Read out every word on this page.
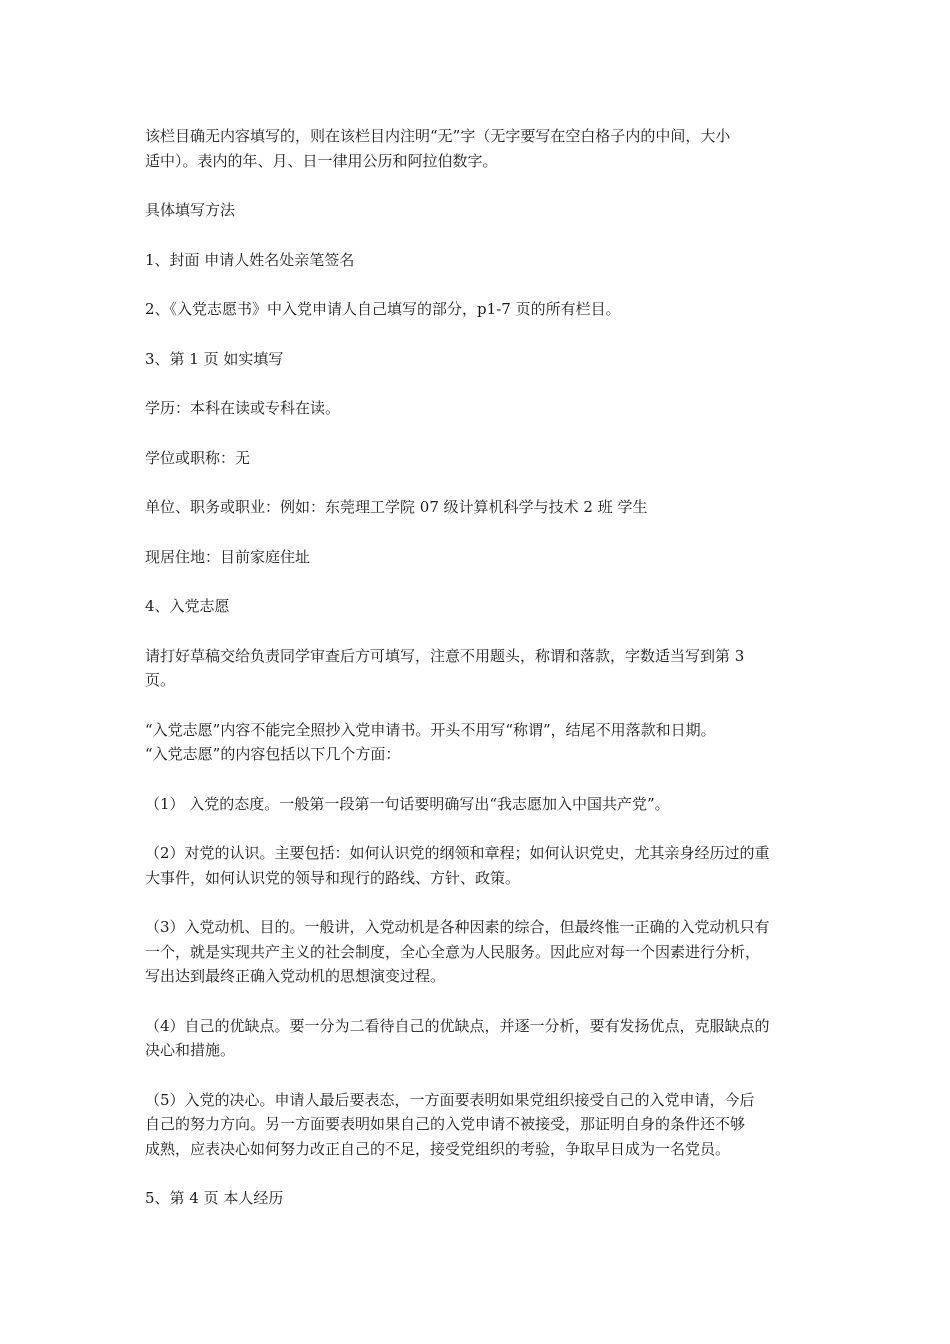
该栏目确无内容填写的，则在该栏目内注明“无”字（无字要写在空白格子内的中间，大小
适中）。表内的年、月、日一律用公历和阿拉伯数字。

具体填写方法

1、封面 申请人姓名处亲笔签名

2、《入党志愿书》中入党申请人自己填写的部分，p1-7 页的所有栏目。

3、第 1 页 如实填写

学历：本科在读或专科在读。

学位或职称：无

单位、职务或职业：例如：东莞理工学院 07 级计算机科学与技术 2 班 学生

现居住地：目前家庭住址

4、入党志愿

请打好草稿交给负责同学审查后方可填写，注意不用题头，称谓和落款，字数适当写到第 3
页。

“入党志愿”内容不能完全照抄入党申请书。开头不用写“称谓”，结尾不用落款和日期。
“入党志愿”的内容包括以下几个方面：

（1） 入党的态度。一般第一段第一句话要明确写出“我志愿加入中国共产党”。

（2）对党的认识。主要包括：如何认识党的纲领和章程；如何认识党史，尤其亲身经历过的重
大事件，如何认识党的领导和现行的路线、方针、政策。

（3）入党动机、目的。一般讲，入党动机是各种因素的综合，但最终惟一正确的入党动机只有
一个，就是实现共产主义的社会制度，全心全意为人民服务。因此应对每一个因素进行分析，
写出达到最终正确入党动机的思想演变过程。

（4）自己的优缺点。要一分为二看待自己的优缺点，并逐一分析，要有发扬优点，克服缺点的
决心和措施。

（5）入党的决心。申请人最后要表态，一方面要表明如果党组织接受自己的入党申请，今后
自己的努力方向。另一方面要表明如果自己的入党申请不被接受，那证明自身的条件还不够
成熟，应表决心如何努力改正自己的不足，接受党组织的考验，争取早日成为一名党员。

5、第 4 页 本人经历
